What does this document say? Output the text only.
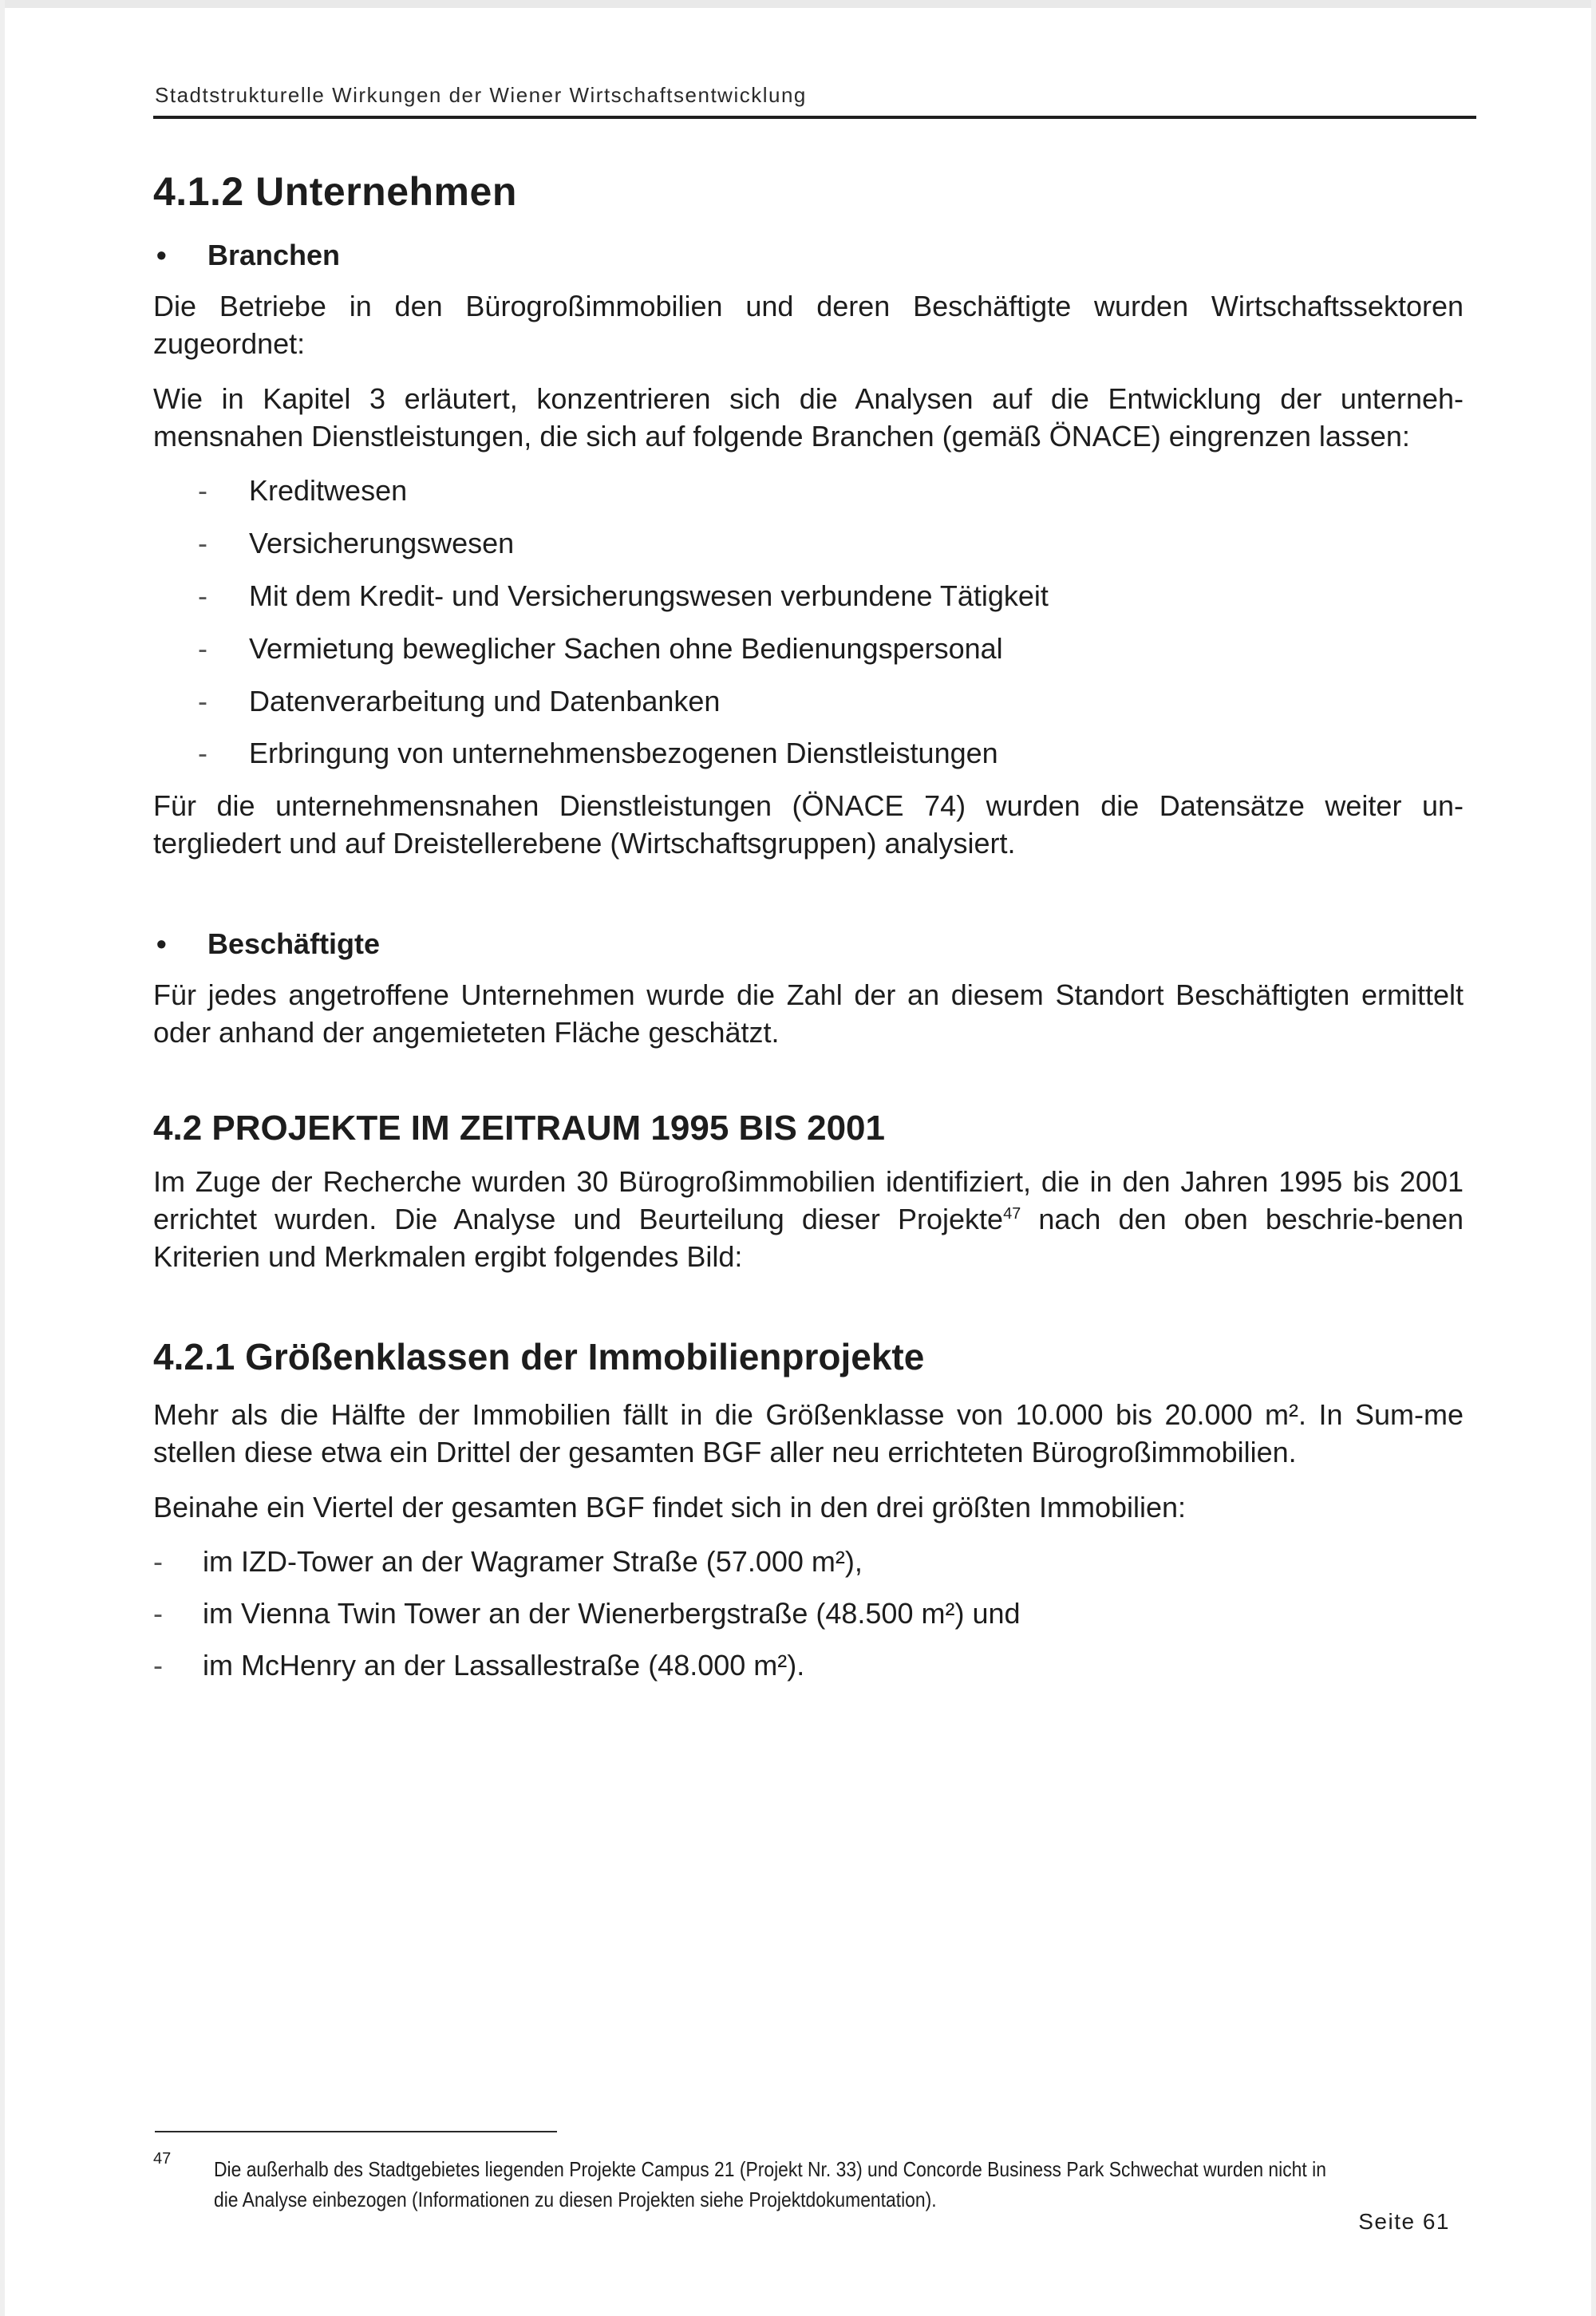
Stadtstrukturelle Wirkungen der Wiener Wirtschaftsentwicklung
4.1.2 Unternehmen
•	Branchen

Die Betriebe in den Bürogroßimmobilien und deren Beschäftigte wurden Wirtschaftssektoren zugeordnet:

Wie in Kapitel 3 erläutert, konzentrieren sich die Analysen auf die Entwicklung der unterneh-mensnahen Dienstleistungen, die sich auf folgende Branchen (gemäß ÖNACE) eingrenzen lassen:

-	Kreditwesen
-	Versicherungswesen
-	Mit dem Kredit- und Versicherungswesen verbundene Tätigkeit
-	Vermietung beweglicher Sachen ohne Bedienungspersonal
-	Datenverarbeitung und Datenbanken
-	Erbringung von unternehmensbezogenen Dienstleistungen

Für die unternehmensnahen Dienstleistungen (ÖNACE 74) wurden die Datensätze weiter un-tergliedert und auf Dreistellerebene (Wirtschaftsgruppen) analysiert.

•	Beschäftigte

Für jedes angetroffene Unternehmen wurde die Zahl der an diesem Standort Beschäftigten ermittelt oder anhand der angemieteten Fläche geschätzt.

4.2 PROJEKTE IM ZEITRAUM 1995 BIS 2001

Im Zuge der Recherche wurden 30 Bürogroßimmobilien identifiziert, die in den Jahren 1995 bis 2001 errichtet wurden. Die Analyse und Beurteilung dieser Projekte$^{47}$ nach den oben beschrie-benen Kriterien und Merkmalen ergibt folgendes Bild:

4.2.1 Größenklassen der Immobilienprojekte

Mehr als die Hälfte der Immobilien fällt in die Größenklasse von 10.000 bis 20.000 m². In Sum-me stellen diese etwa ein Drittel der gesamten BGF aller neu errichteten Bürogroßimmobilien.

Beinahe ein Viertel der gesamten BGF findet sich in den drei größten Immobilien:

-	im IZD-Tower an der Wagramer Straße (57.000 m²),
-	im Vienna Twin Tower an der Wienerbergstraße (48.500 m²) und
-	im McHenry an der Lassallestraße (48.000 m²).
47	Die außerhalb des Stadtgebietes liegenden Projekte Campus 21 (Projekt Nr. 33) und Concorde Business Park Schwechat wurden nicht in die Analyse einbezogen (Informationen zu diesen Projekten siehe Projektdokumentation).
Seite 61
